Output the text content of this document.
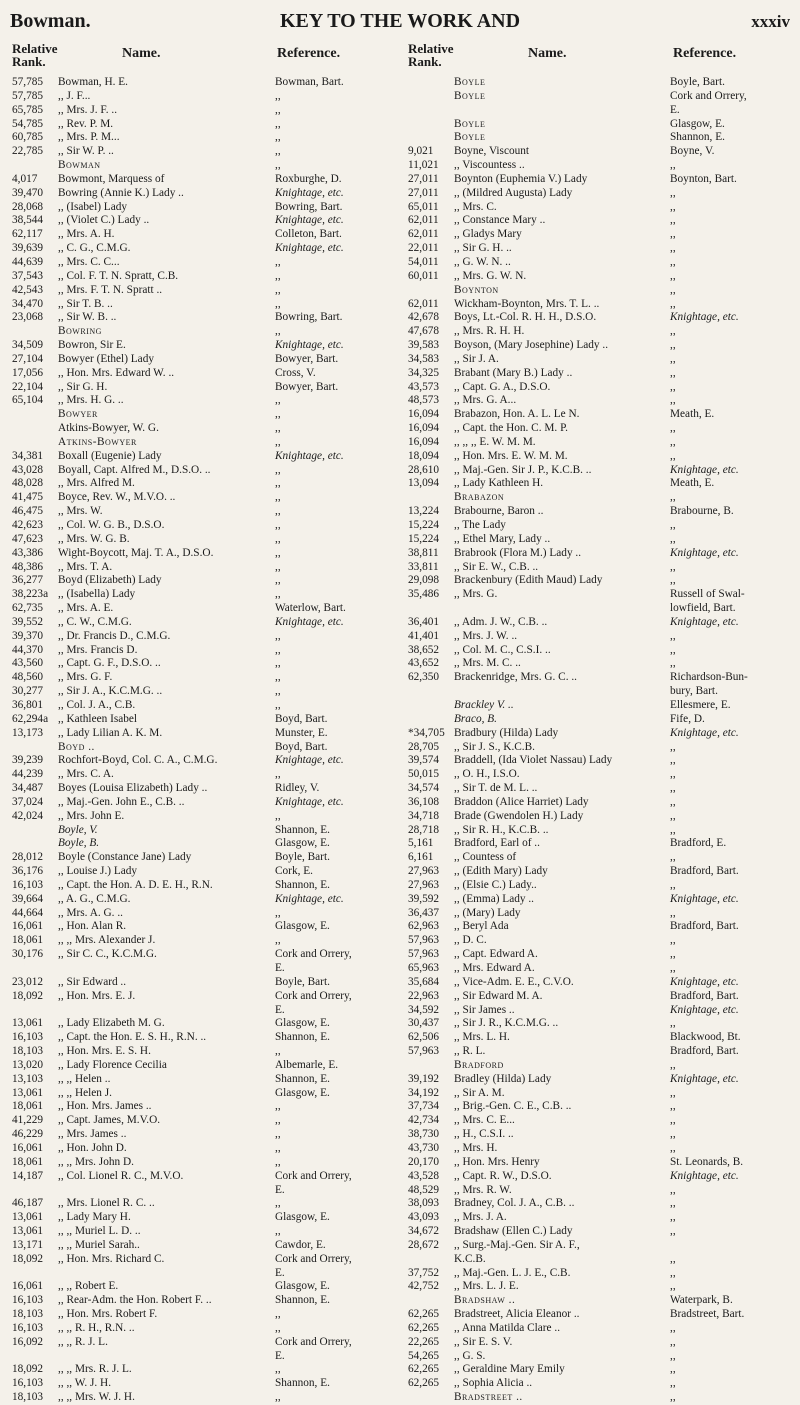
Bowman.	KEY TO THE WORK AND	xxxiv
Relative
Rank.
Name.	Reference.
57,785	Bowman, H. E.	Bowman, Bart.
57,785	,, J. F...	,,
65,785	,, Mrs. J. F. ..	,,
54,785	,, Rev. P. M.	,,
60,785	,, Mrs. P. M...	,,
22,785	,, Sir W. P. ..	,,
Bowman	,,
4,017	Bowmont, Marquess of	Roxburghe, D.
39,470	Bowring (Annie K.) Lady ..	Knightage, etc.
28,068	,, (Isabel) Lady	Bowring, Bart.
38,544	,, (Violet C.) Lady ..	Knightage, etc.
62,117	,, Mrs. A. H.	Colleton, Bart.
39,639	,, C. G., C.M.G.	Knightage, etc.
44,639	,, Mrs. C. C...	,,
37,543	,, Col. F. T. N. Spratt, C.B.	,,
42,543	,, Mrs. F. T. N. Spratt ..	,,
34,470	,, Sir T. B. ..	,,
23,068	,, Sir W. B. ..	Bowring, Bart.
Bowring	,,
34,509	Bowron, Sir E.	Knightage, etc.
27,104	Bowyer (Ethel) Lady	Bowyer, Bart.
17,056	,, Hon. Mrs. Edward W. ..	Cross, V.
22,104	,, Sir G. H.	Bowyer, Bart.
65,104	,, Mrs. H. G. ..	,,
Bowyer	,,
Atkins-Bowyer, W. G.	,,
Atkins-Bowyer	,,
34,381	Boxall (Eugenie) Lady	Knightage, etc.
43,028	Boyall, Capt. Alfred M., D.S.O. ..	,,
48,028	,, Mrs. Alfred M.	,,
41,475	Boyce, Rev. W., M.V.O. ..	,,
46,475	,, Mrs. W.	,,
42,623	,, Col. W. G. B., D.S.O.	,,
47,623	,, Mrs. W. G. B.	,,
43,386	Wight-Boycott, Maj. T. A., D.S.O.	,,
48,386	,, Mrs. T. A.	,,
36,277	Boyd (Elizabeth) Lady	,,
38,223a ,, (Isabella) Lady	,,
62,735	,, Mrs. A. E.	Waterlow, Bart.
39,552	,, C. W., C.M.G.	Knightage, etc.
39,370	,, Dr. Francis D., C.M.G.	,,
44,370	,, Mrs. Francis D.	,,
43,560	,, Capt. G. F., D.S.O. ..	,,
48,560	,, Mrs. G. F.	,,
30,277	,, Sir J. A., K.C.M.G. ..	,,
36,801	,, Col. J. A., C.B.	,,
62,294a ,, Kathleen Isabel	Boyd, Bart.
13,173	,, Lady Lilian A. K. M.	Munster, E.
Boyd ..	Boyd, Bart.
39,239	Rochfort-Boyd, Col. C. A., C.M.G.	Knightage, etc.
44,239	,, Mrs. C. A.	,,
34,487	Boyes (Louisa Elizabeth) Lady ..	Ridley, V.
37,024	,, Maj.-Gen. John E., C.B. ..	Knightage, etc.
42,024	,, Mrs. John E.	,,
Boyle, V.	Shannon, E.
Boyle, B.	Glasgow, E.
28,012	Boyle (Constance Jane) Lady	Boyle, Bart.
36,176	,, Louise J.) Lady	Cork, E.
16,103	,, Capt. the Hon. A. D. E. H., R.N.	Shannon, E.
39,664	,, A. G., C.M.G.	Knightage, etc.
44,664	,, Mrs. A. G. ..	,,
16,061	,, Hon. Alan R.	Glasgow, E.
18,061	,, ,, Mrs. Alexander J.	,,
30,176	,, Sir C. C., K.C.M.G.	Cork and Orrery,
E.
23,012	,, Sir Edward ..	Boyle, Bart.
18,092	,, Hon. Mrs. E. J.	Cork and Orrery,
E.
13,061	,, Lady Elizabeth M. G.	Glasgow, E.
16,103	,, Capt. the Hon. E. S. H., R.N. ..	Shannon, E.
18,103	,, Hon. Mrs. E. S. H.	,,
13,020	,, Lady Florence Cecilia	Albemarle, E.
13,103	,, ,, Helen ..	Shannon, E.
13,061	,, ,, Helen J.	Glasgow, E.
18,061	,, Hon. Mrs. James ..	,,
41,229	,, Capt. James, M.V.O.	,,
46,229	,, Mrs. James ..	,,
16,061	,, Hon. John D.	,,
18,061	,, ,, Mrs. John D.	,,
14,187	,, Col. Lionel R. C., M.V.O.	Cork and Orrery,
E.
46,187	,, Mrs. Lionel R. C. ..	,,
13,061	,, Lady Mary H.	Glasgow, E.
13,061	,, ,, Muriel L. D. ..	,,
13,171	,, ,, Muriel Sarah..	Cawdor, E.
18,092	,, Hon. Mrs. Richard C.	Cork and Orrery,
E.
16,061	,, ,, Robert E.	Glasgow, E.
16,103	,, Rear-Adm. the Hon. Robert F. ..	Shannon, E.
18,103	,, Hon. Mrs. Robert F.	,,
16,103	,, ,, R. H., R.N. ..	,,
16,092	,, ,, R. J. L.	Cork and Orrery,
E.
18,092	,, ,, Mrs. R. J. L.	,,
16,103	,, ,, W. J. H.	Shannon, E.
18,103	,, ,, Mrs. W. J. H.	,,
Relative
Rank.
Name.	Reference.
Boyle	Boyle, Bart.
Boyle	Cork and Orrery,
E.
Boyle	Glasgow, E.
Boyle	Shannon, E.
9,021	Boyne, Viscount	Boyne, V.
11,021	,, Viscountess ..	,,
27,011	Boynton (Euphemia V.) Lady	Boynton, Bart.
27,011	,, (Mildred Augusta) Lady	,,
65,011	,, Mrs. C.	,,
62,011	,, Constance Mary ..	,,
62,011	,, Gladys Mary	,,
22,011	,, Sir G. H. ..	,,
54,011	,, G. W. N. ..	,,
60,011	,, Mrs. G. W. N.	,,
Boynton	,,
62,011	Wickham-Boynton, Mrs. T. L. ..	,,
42,678	Boys, Lt.-Col. R. H. H., D.S.O.	Knightage, etc.
47,678	,, Mrs. R. H. H.	,,
39,583	Boyson, (Mary Josephine) Lady ..	,,
34,583	,, Sir J. A.	,,
34,325	Brabant (Mary B.) Lady ..	,,
43,573	,, Capt. G. A., D.S.O.	,,
48,573	,, Mrs. G. A...	,,
16,094	Brabazon, Hon. A. L. Le N.	Meath, E.
16,094	,, Capt. the Hon. C. M. P.	,,
16,094	,, ,, ,, E. W. M. M.	,,
18,094	,, Hon. Mrs. E. W. M. M.	,,
28,610	,, Maj.-Gen. Sir J. P., K.C.B. ..	Knightage, etc.
13,094	,, Lady Kathleen H.	Meath, E.
Brabazon	,,
13,224	Brabourne, Baron ..	Brabourne, B.
15,224	,, The Lady	,,
15,224	,, Ethel Mary, Lady ..	,,
38,811	Brabrook (Flora M.) Lady ..	Knightage, etc.
33,811	,, Sir E. W., C.B. ..	,,
29,098	Brackenbury (Edith Maud) Lady	,,
35,486	,, Mrs. G.	Russell of Swal-
lowfield, Bart.
36,401	,, Adm. J. W., C.B. ..	Knightage, etc.
41,401	,, Mrs. J. W. ..	,,
38,652	,, Col. M. C., C.S.I. ..	,,
43,652	,, Mrs. M. C. ..	,,
62,350	Brackenridge, Mrs. G. C. ..	Richardson-Bun-
bury, Bart.
Brackley V. ..	Ellesmere, E.
Braco, B.	Fife, D.
*34,705 Bradbury (Hilda) Lady	Knightage, etc.
28,705	,, Sir J. S., K.C.B.	,,
39,574	Braddell, (Ida Violet Nassau) Lady	,,
50,015	,, O. H., I.S.O.	,,
34,574	,, Sir T. de M. L. ..	,,
36,108	Braddon (Alice Harriet) Lady	,,
34,718	Brade (Gwendolen H.) Lady	,,
28,718	,, Sir R. H., K.C.B. ..	,,
5,161	Bradford, Earl of ..	Bradford, E.
6,161	,, Countess of	,,
27,963	,, (Edith Mary) Lady	Bradford, Bart.
27,963	,, (Elsie C.) Lady..	,,
39,592	,, (Emma) Lady ..	Knightage, etc.
36,437	,, (Mary) Lady	,,
62,963	,, Beryl Ada	Bradford, Bart.
57,963	,, D. C.	,,
57,963	,, Capt. Edward A.	,,
65,963	,, Mrs. Edward A.	,,
35,684	,, Vice-Adm. E. E., C.V.O.	Knightage, etc.
22,963	,, Sir Edward M. A.	Bradford, Bart.
34,592	,, Sir James ..	Knightage, etc.
30,437	,, Sir J. R., K.C.M.G. ..	,,
62,506	,, Mrs. L. H.	Blackwood, Bt.
57,963	,, R. L.	Bradford, Bart.
Bradford	,,
39,192	Bradley (Hilda) Lady	Knightage, etc.
34,192	,, Sir A. M.	,,
37,734	,, Brig.-Gen. C. E., C.B. ..	,,
42,734	,, Mrs. C. E...	,,
38,730	,, H., C.S.I. ..	,,
43,730	,, Mrs. H.	,,
20,170	,, Hon. Mrs. Henry	St. Leonards, B.
43,528	,, Capt. R. W., D.S.O.	Knightage, etc.
48,529	,, Mrs. R. W.	,,
38,093	Bradney, Col. J. A., C.B. ..	,,
43,093	,, Mrs. J. A.	,,
34,672	Bradshaw (Ellen C.) Lady	,,
28,672	,, Surg.-Maj.-Gen. Sir A. F.,
K.C.B.	,,
37,752	,, Maj.-Gen. L. J. E., C.B.	,,
42,752	,, Mrs. L. J. E.	,,
Bradshaw ..	Waterpark, B.
62,265	Bradstreet, Alicia Eleanor ..	Bradstreet, Bart.
62,265	,, Anna Matilda Clare ..	,,
22,265	,, Sir E. S. V.	,,
54,265	,, G. S.	,,
62,265	,, Geraldine Mary Emily	,,
62,265	,, Sophia Alicia ..	,,
Bradstreet ..	,,
